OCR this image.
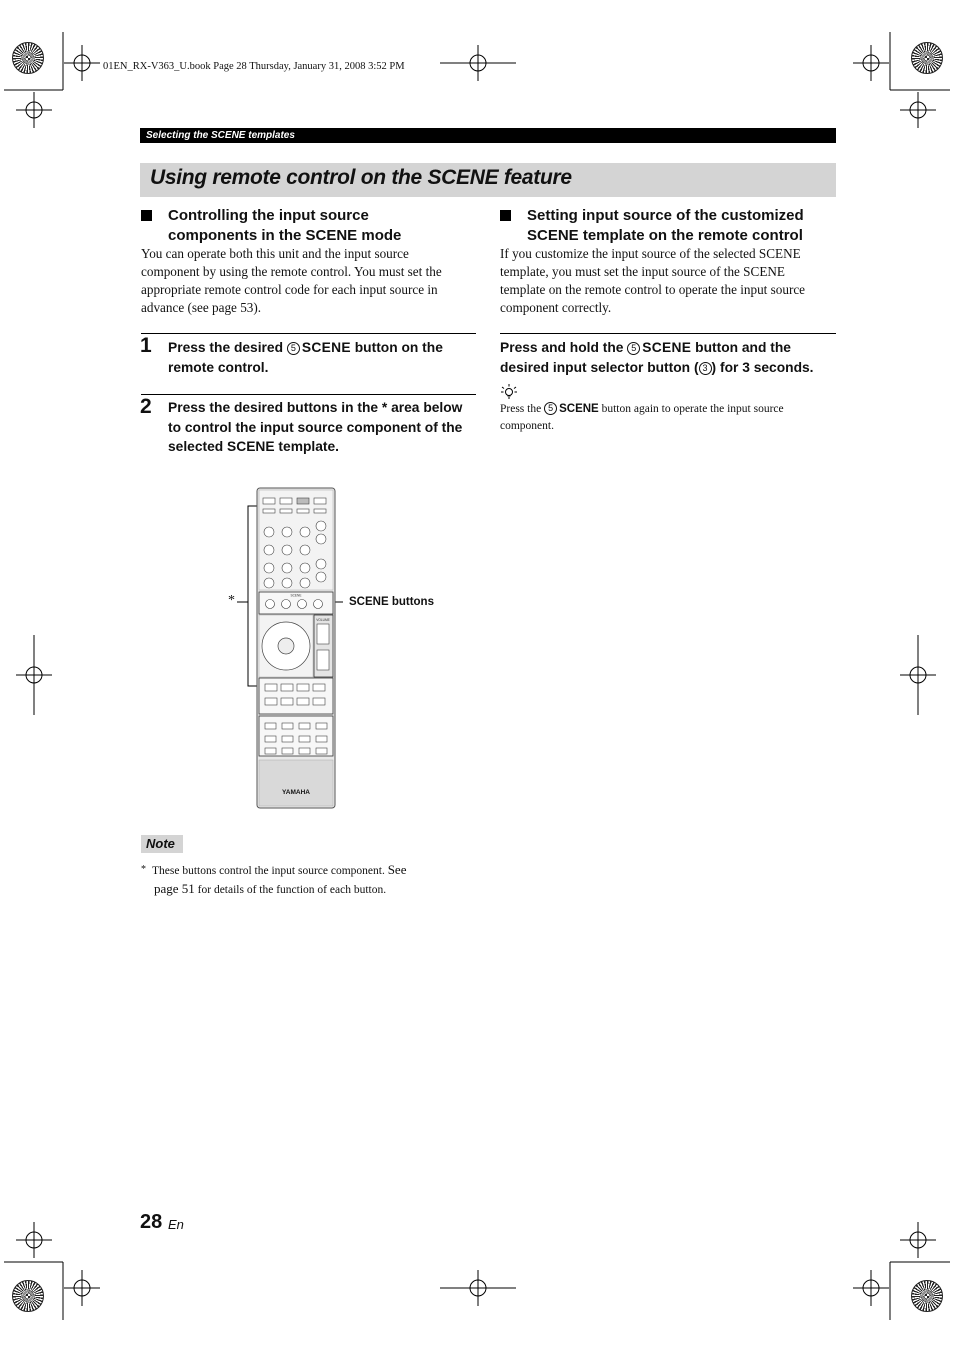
01EN_RX-V363_U.book Page 28 Thursday, January 31, 2008 3:52 PM
Selecting the SCENE templates
Using remote control on the SCENE feature
Controlling the input source
components in the SCENE mode
You can operate both this unit and the input source
component by using the remote control. You must set the
appropriate remote control code for each input source in
advance (see page 53).
1 Press the desired 5 SCENE button on the
remote control.
2 Press the desired buttons in the * area below
to control the input source component of the
selected SCENE template.
YAMAHA
SCENE
VOLUME
*	SCENE buttons
Note
* These buttons control the input source component. See
page 51 for details of the function of each button.
Setting input source of the customized
SCENE template on the remote control
If you customize the input source of the selected SCENE
template, you must set the input source of the SCENE
template on the remote control to operate the input source
component correctly.
Press and hold the 5 SCENE button and the
desired input selector button ( 3 ) for 3 seconds.
Press the 5 SCENE button again to operate the input source
component.
28 En
